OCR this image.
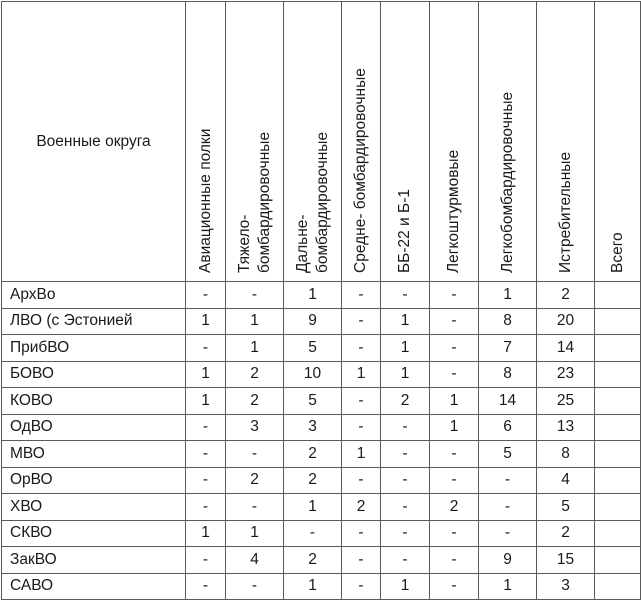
Военные округа	Авиационные полки	Тяжело- бомбардировочные	Дальне- бомбардировочные	Средне- бомбардировочные	ББ-22 и Б-1	Легкоштурмовые	Легкобомбардировочные	Истребительные	Всего

АрхВо	-	-	1	-	-	-	1	2	
ЛВО (с Эстонией	1	1	9	-	1	-	8	20	
ПрибВО	-	1	5	-	1	-	7	14	
БОВО	1	2	10	1	1	-	8	23	
КОВО	1	2	5	-	2	1	14	25	
ОдВО	-	3	3	-	-	1	6	13	
МВО	-	-	2	1	-	-	5	8	
ОрВО	-	2	2	-	-	-	-	4	
ХВО	-	-	1	2	-	2	-	5	
СКВО	1	1	-	-	-	-	-	2	
ЗакВО	-	4	2	-	-	-	9	15	
САВО	-	-	1	-	1	-	1	3	
